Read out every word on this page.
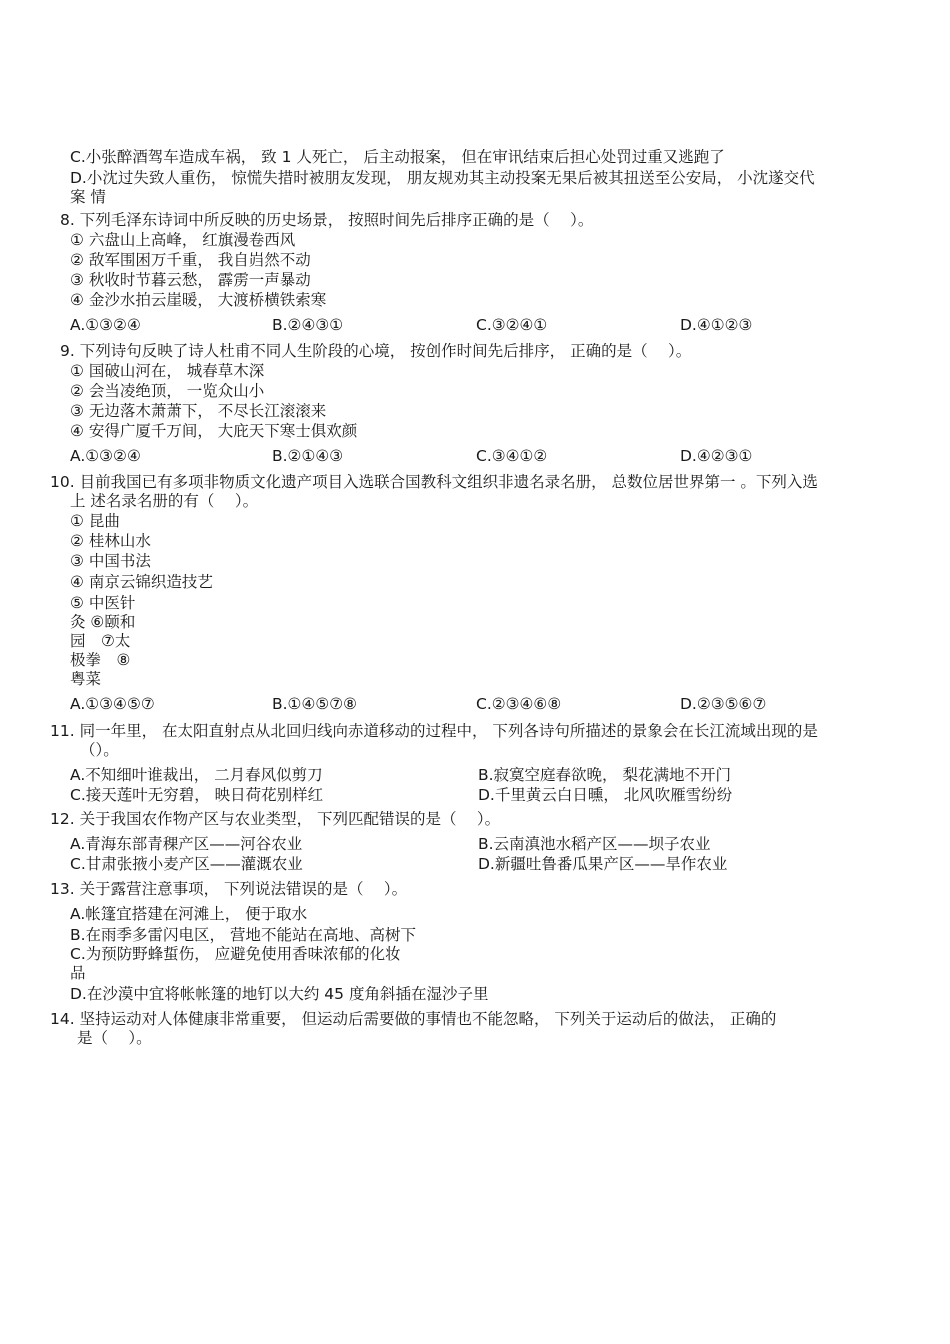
C.小张醉酒驾车造成车祸， 致 1 人死亡， 后主动报案， 但在审讯结束后担心处罚过重又逃跑了
D.小沈过失致人重伤， 惊慌失措时被朋友发现， 朋友规劝其主动投案无果后被其扭送至公安局， 小沈遂交代
案 情
8. 下列毛泽东诗词中所反映的历史场景， 按照时间先后排序正确的是（　 ）。
① 六盘山上高峰， 红旗漫卷西风
② 敌军围困万千重， 我自岿然不动
③ 秋收时节暮云愁， 霹雳一声暴动
④ 金沙水拍云崖暖， 大渡桥横铁索寒
A.①③②④	B.②④③①	C.③②④①	D.④①②③
9. 下列诗句反映了诗人杜甫不同人生阶段的心境， 按创作时间先后排序， 正确的是（　 ）。
① 国破山河在， 城春草木深
② 会当凌绝顶， 一览众山小
③ 无边落木萧萧下， 不尽长江滚滚来
④ 安得广厦千万间， 大庇天下寒士俱欢颜
A.①③②④	B.②①④③	C.③④①②	D.④②③①
10. 目前我国已有多项非物质文化遗产项目入选联合国教科文组织非遗名录名册， 总数位居世界第一 。下列入选
上 述名录名册的有（　 ）。
① 昆曲
② 桂林山水
③ 中国书法
④ 南京云锦织造技艺
⑤ 中医针
灸 ⑥颐和
园　⑦太
极拳　⑧
粤菜
A.①③④⑤⑦	B.①④⑤⑦⑧	C.②③④⑥⑧	D.②③⑤⑥⑦
11. 同一年里， 在太阳直射点从北回归线向赤道移动的过程中， 下列各诗句所描述的景象会在长江流域出现的是
（）。
A.不知细叶谁裁出， 二月春风似剪刀	B.寂寞空庭春欲晚， 梨花满地不开门
C.接天莲叶无穷碧， 映日荷花别样红	D.千里黄云白日曛， 北风吹雁雪纷纷
12. 关于我国农作物产区与农业类型， 下列匹配错误的是（　 ）。
A.青海东部青稞产区——河谷农业	B.云南滇池水稻产区——坝子农业
C.甘肃张掖小麦产区——灌溉农业	D.新疆吐鲁番瓜果产区——旱作农业
13. 关于露营注意事项， 下列说法错误的是（　 ）。
A.帐篷宜搭建在河滩上， 便于取水
B.在雨季多雷闪电区， 营地不能站在高地、高树下
C.为预防野蜂蜇伤， 应避免使用香味浓郁的化妆
品
D.在沙漠中宜将帐帐篷的地钉以大约 45 度角斜插在湿沙子里
14. 坚持运动对人体健康非常重要， 但运动后需要做的事情也不能忽略， 下列关于运动后的做法， 正确的
是（　 ）。
